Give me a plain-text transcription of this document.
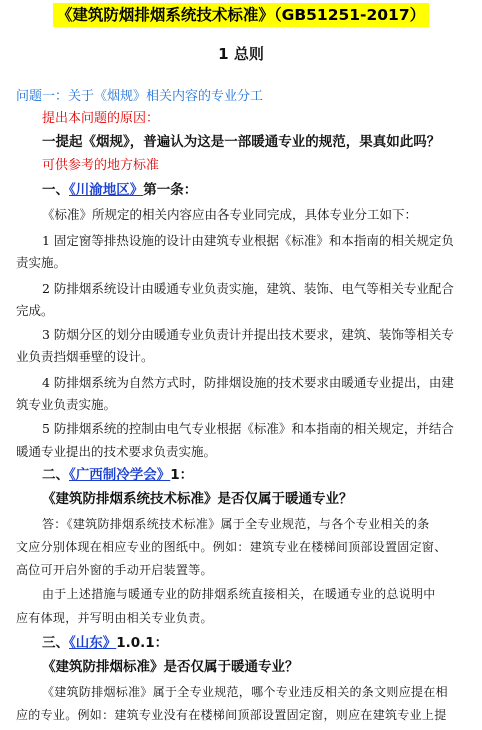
《建筑防烟排烟系统技术标准》（GB51251-2017）
1 总则
问题一：关于《烟规》相关内容的专业分工
提出本问题的原因：
一提起《烟规》，普遍认为这是一部暖通专业的规范，果真如此吗？
可供参考的地方标准
一、《川渝地区》第一条：
《标准》所规定的相关内容应由各专业同完成，具体专业分工如下：
1 固定窗等排热设施的设计由建筑专业根据《标准》和本指南的相关规定负
责实施。
2 防排烟系统设计由暖通专业负责实施，建筑、装饰、电气等相关专业配合
完成。
3 防烟分区的划分由暖通专业负责计并提出技术要求，建筑、装饰等相关专
业负责挡烟垂壁的设计。
4 防排烟系统为自然方式时，防排烟设施的技术要求由暖通专业提出，由建
筑专业负责实施。
5 防排烟系统的控制由电气专业根据《标准》和本指南的相关规定，并结合
暖通专业提出的技术要求负责实施。
二、《广西制冷学会》1：
《建筑防排烟系统技术标准》是否仅属于暖通专业？
答：《建筑防排烟系统技术标准》属于全专业规范，与各个专业相关的条
文应分别体现在相应专业的图纸中。例如：建筑专业在楼梯间顶部设置固定窗、
高位可开启外窗的手动开启装置等。
由于上述措施与暖通专业的防排烟系统直接相关，在暖通专业的总说明中
应有体现，并写明由相关专业负责。
三、《山东》1.0.1：
《建筑防排烟标准》是否仅属于暖通专业？
《建筑防排烟标准》属于全专业规范，哪个专业违反相关的条文则应提在相
应的专业。例如：建筑专业没有在楼梯间顶部设置固定窗，则应在建筑专业上提
